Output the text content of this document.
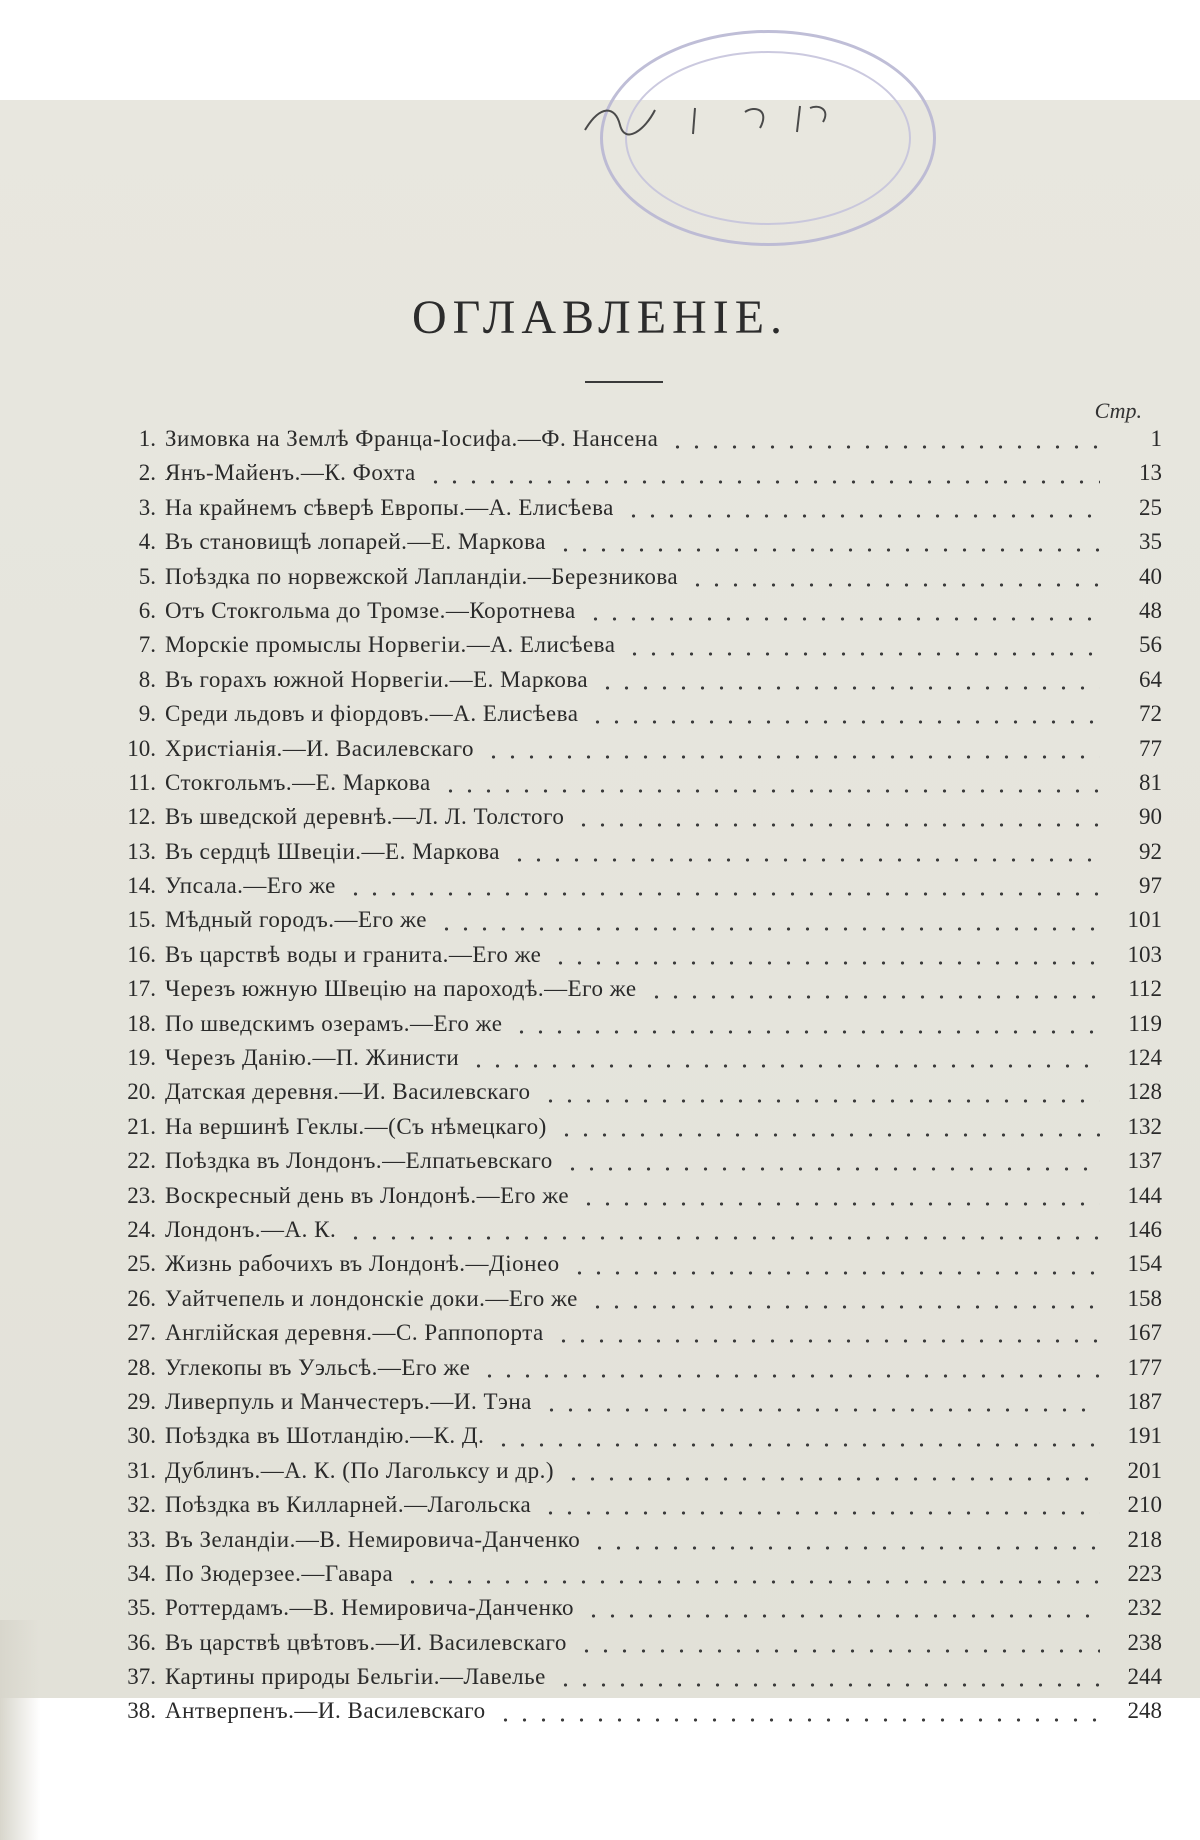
ОГЛАВЛЕНІЕ.
Стр.
1. Зимовка на Землѣ Франца-Іосифа.—Ф. Нансена	1
2. Янъ-Майенъ.—К. Фохта	13
3. На крайнемъ сѣверѣ Европы.—А. Елисѣева	25
4. Въ становищѣ лопарей.—Е. Маркова	35
5. Поѣздка по норвежской Лапландіи.—Березникова	40
6. Отъ Стокгольма до Тромзе.—Коротнева	48
7. Морскіе промыслы Норвегіи.—А. Елисѣева	56
8. Въ горахъ южной Норвегіи.—Е. Маркова	64
9. Среди льдовъ и фіордовъ.—А. Елисѣева	72
10. Христіанія.—И. Василевскаго	77
11. Стокгольмъ.—Е. Маркова	81
12. Въ шведской деревнѣ.—Л. Л. Толстого	90
13. Въ сердцѣ Швеціи.—Е. Маркова	92
14. Упсала.—Его же	97
15. Мѣдный городъ.—Его же	101
16. Въ царствѣ воды и гранита.—Его же	103
17. Черезъ южную Швецію на пароходѣ.—Его же	112
18. По шведскимъ озерамъ.—Его же	119
19. Черезъ Данію.—П. Жинисти	124
20. Датская деревня.—И. Василевскаго	128
21. На вершинѣ Геклы.—(Съ нѣмецкаго)	132
22. Поѣздка въ Лондонъ.—Елпатьевскаго	137
23. Воскресный день въ Лондонѣ.—Его же	144
24. Лондонъ.—А. К.	146
25. Жизнь рабочихъ въ Лондонѣ.—Діонео	154
26. Уайтчепель и лондонскіе доки.—Его же	158
27. Англійская деревня.—С. Раппопорта	167
28. Углекопы въ Уэльсѣ.—Его же	177
29. Ливерпуль и Манчестеръ.—И. Тэна	187
30. Поѣздка въ Шотландію.—К. Д.	191
31. Дублинъ.—А. К. (По Лагольксу и др.)	201
32. Поѣздка въ Килларней.—Лагольска	210
33. Въ Зеландіи.—В. Немировича-Данченко	218
34. По Зюдерзее.—Гавара	223
35. Роттердамъ.—В. Немировича-Данченко	232
36. Въ царствѣ цвѣтовъ.—И. Василевскаго	238
37. Картины природы Бельгіи.—Лавелье	244
38. Антверпенъ.—И. Василевскаго	248
